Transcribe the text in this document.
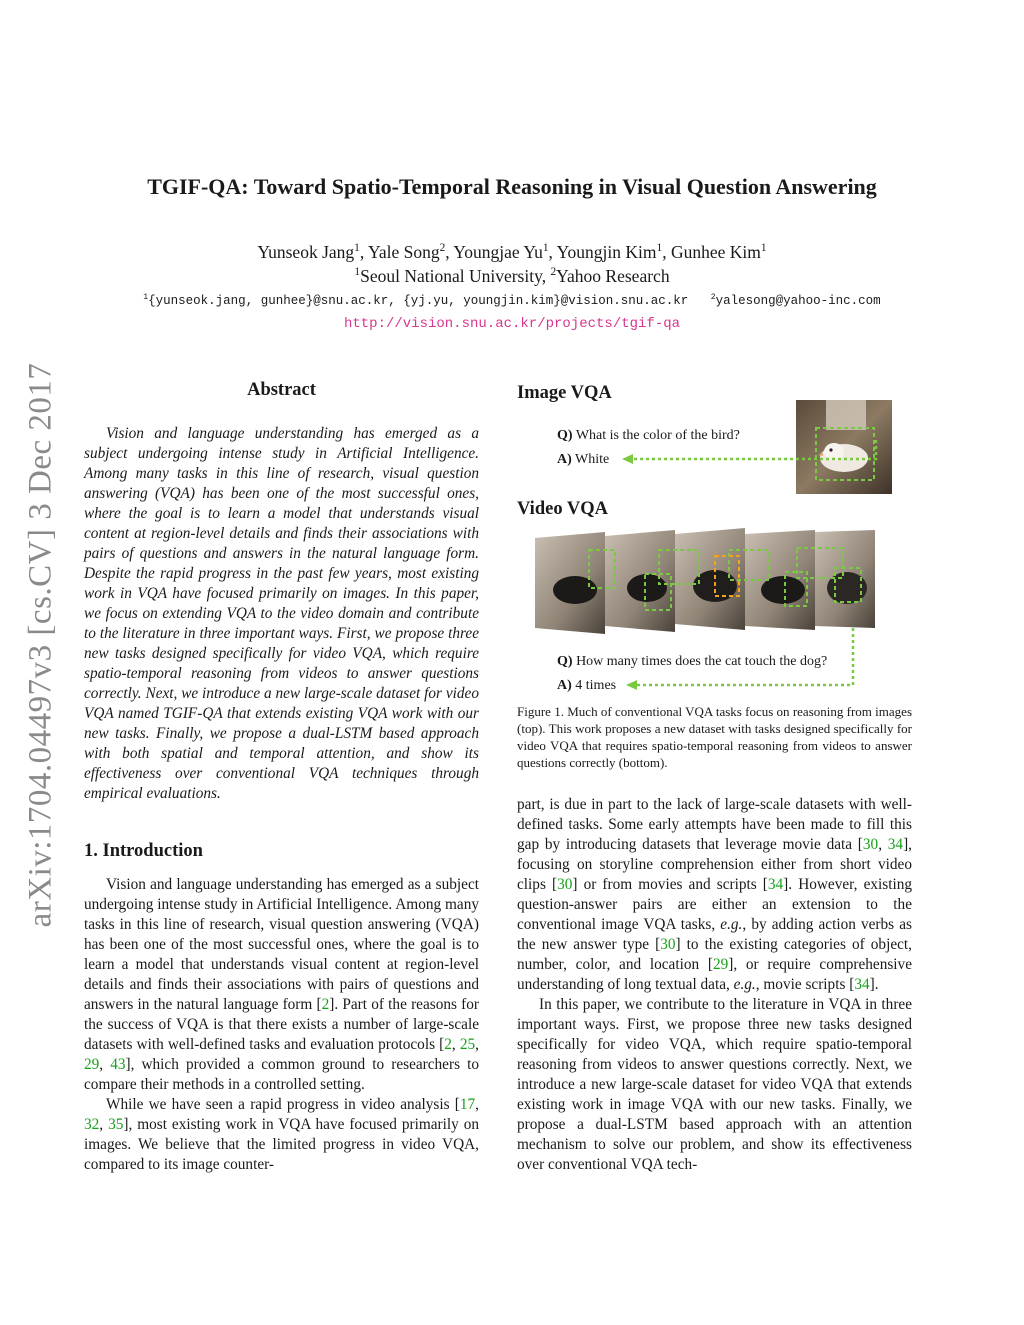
arXiv:1704.04497v3 [cs.CV] 3 Dec 2017
TGIF-QA: Toward Spatio-Temporal Reasoning in Visual Question Answering
Yunseok Jang$^1$, Yale Song$^2$, Youngjae Yu$^1$, Youngjin Kim$^1$, Gunhee Kim$^1$
$^1$Seoul National University, $^2$Yahoo Research
$^1${yunseok.jang, gunhee}@snu.ac.kr, {yj.yu, youngjin.kim}@vision.snu.ac.kr	$^2$yalesong@yahoo-inc.com
http://vision.snu.ac.kr/projects/tgif-qa
Abstract

Vision and language understanding has emerged as a subject undergoing intense study in Artificial Intelligence. Among many tasks in this line of research, visual question answering (VQA) has been one of the most successful ones, where the goal is to learn a model that understands visual content at region-level details and finds their associations with pairs of questions and answers in the natural language form. Despite the rapid progress in the past few years, most existing work in VQA have focused primarily on images. In this paper, we focus on extending VQA to the video domain and contribute to the literature in three important ways. First, we propose three new tasks designed specifically for video VQA, which require spatio-temporal reasoning from videos to answer questions correctly. Next, we introduce a new large-scale dataset for video VQA named TGIF-QA that extends existing VQA work with our new tasks. Finally, we propose a dual-LSTM based approach with both spatial and temporal attention, and show its effectiveness over conventional VQA techniques through empirical evaluations.

1. Introduction

Vision and language understanding has emerged as a subject undergoing intense study in Artificial Intelligence. Among many tasks in this line of research, visual question answering (VQA) has been one of the most successful ones, where the goal is to learn a model that understands visual content at region-level details and finds their associations with pairs of questions and answers in the natural language form [2]. Part of the reasons for the success of VQA is that there exists a number of large-scale datasets with well-defined tasks and evaluation protocols [2, 25, 29, 43], which provided a common ground to researchers to compare their methods in a controlled setting.

While we have seen a rapid progress in video analysis [17, 32, 35], most existing work in VQA have focused primarily on images. We believe that the limited progress in video VQA, compared to its image counter-

Image VQA
Q) What is the color of the bird?
A) White
Video VQA
Q) How many times does the cat touch the dog?
A) 4 times
Figure 1. Much of conventional VQA tasks focus on reasoning from images (top). This work proposes a new dataset with tasks designed specifically for video VQA that requires spatio-temporal reasoning from videos to answer questions correctly (bottom).

part, is due in part to the lack of large-scale datasets with well-defined tasks. Some early attempts have been made to fill this gap by introducing datasets that leverage movie data [30, 34], focusing on storyline comprehension either from short video clips [30] or from movies and scripts [34]. However, existing question-answer pairs are either an extension to the conventional image VQA tasks, e.g., by adding action verbs as the new answer type [30] to the existing categories of object, number, color, and location [29], or require comprehensive understanding of long textual data, e.g., movie scripts [34].

In this paper, we contribute to the literature in VQA in three important ways. First, we propose three new tasks designed specifically for video VQA, which require spatio-temporal reasoning from videos to answer questions correctly. Next, we introduce a new large-scale dataset for video VQA that extends existing work in image VQA with our new tasks. Finally, we propose a dual-LSTM based approach with an attention mechanism to solve our problem, and show its effectiveness over conventional VQA tech-
